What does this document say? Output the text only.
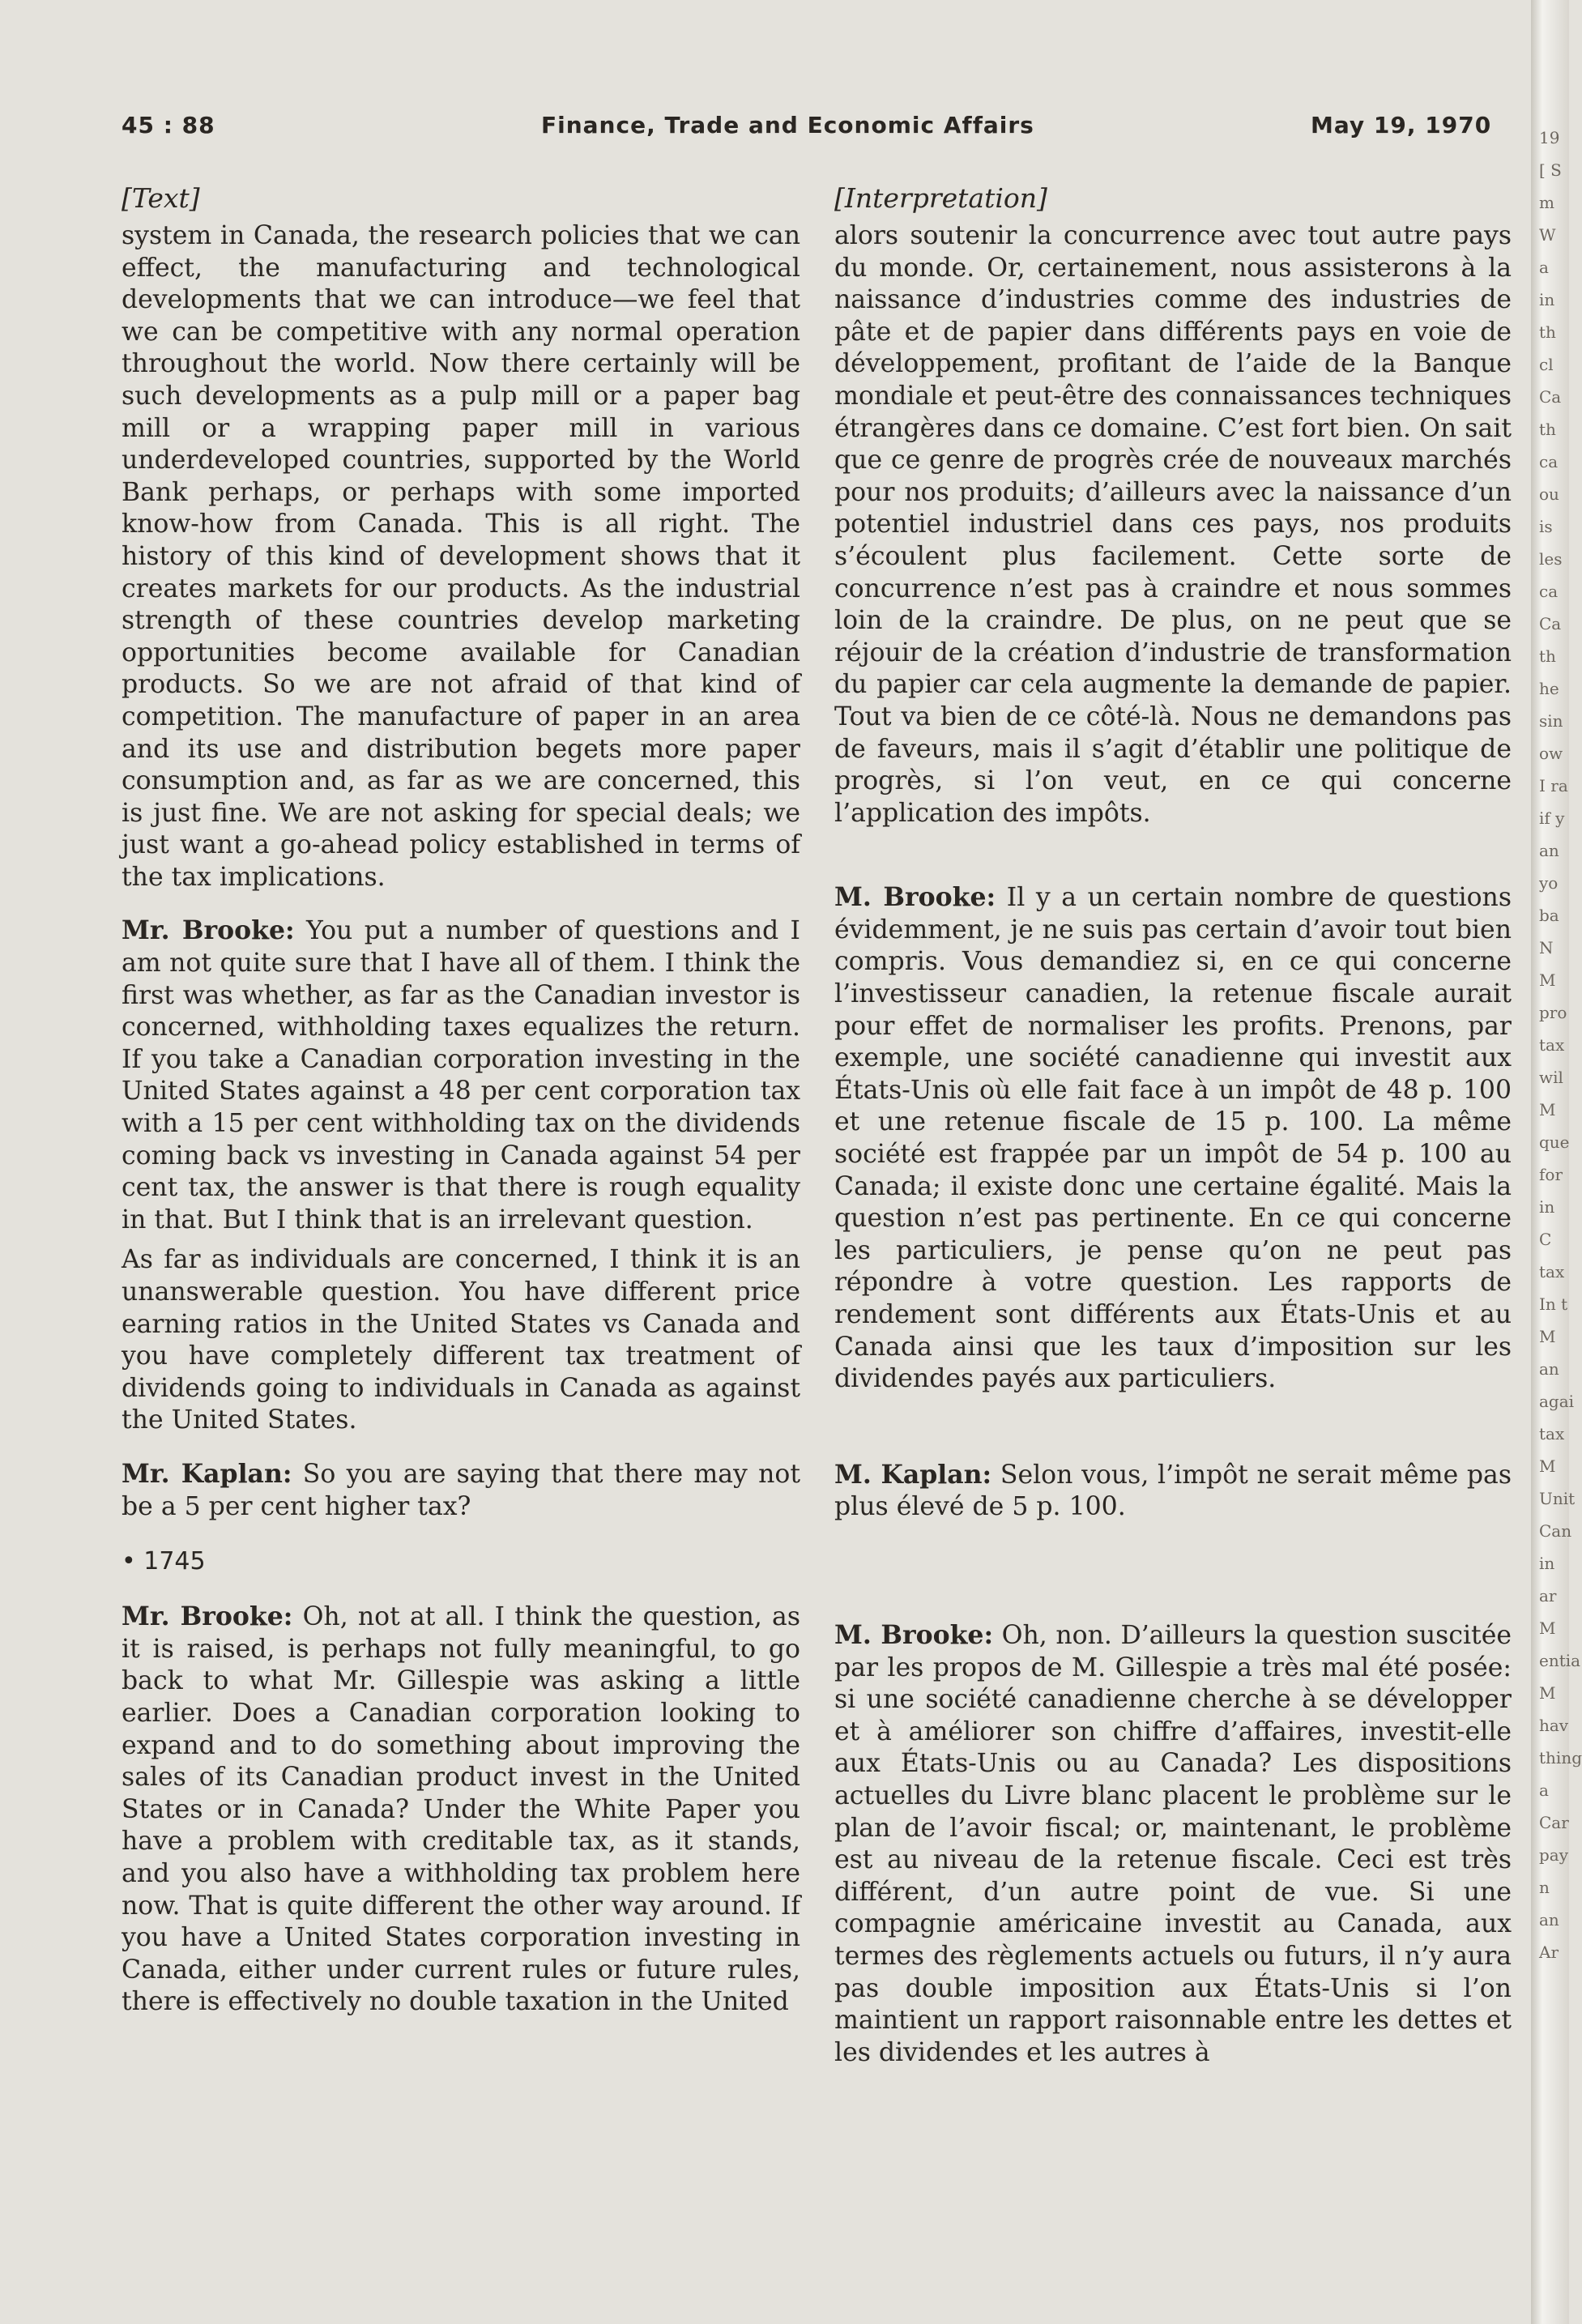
45 : 88	Finance, Trade and Economic Affairs	May 19, 1970
[Text]

system in Canada, the research policies that we can effect, the manufacturing and technological developments that we can introduce—we feel that we can be competitive with any normal operation throughout the world. Now there certainly will be such developments as a pulp mill or a paper bag mill or a wrapping paper mill in various underdeveloped countries, supported by the World Bank perhaps, or perhaps with some imported know-how from Canada. This is all right. The history of this kind of development shows that it creates markets for our products. As the industrial strength of these countries develop marketing opportunities become available for Canadian products. So we are not afraid of that kind of competition. The manufacture of paper in an area and its use and distribution begets more paper consumption and, as far as we are concerned, this is just fine. We are not asking for special deals; we just want a go-ahead policy established in terms of the tax implications.

Mr. Brooke: You put a number of questions and I am not quite sure that I have all of them. I think the first was whether, as far as the Canadian investor is concerned, withholding taxes equalizes the return. If you take a Canadian corporation investing in the United States against a 48 per cent corporation tax with a 15 per cent withholding tax on the dividends coming back vs investing in Canada against 54 per cent tax, the answer is that there is rough equality in that. But I think that is an irrelevant question.

As far as individuals are concerned, I think it is an unanswerable question. You have different price earning ratios in the United States vs Canada and you have completely different tax treatment of dividends going to individuals in Canada as against the United States.

Mr. Kaplan: So you are saying that there may not be a 5 per cent higher tax?

• 1745

Mr. Brooke: Oh, not at all. I think the question, as it is raised, is perhaps not fully meaningful, to go back to what Mr. Gillespie was asking a little earlier. Does a Canadian corporation looking to expand and to do something about improving the sales of its Canadian product invest in the United States or in Canada? Under the White Paper you have a problem with creditable tax, as it stands, and you also have a withholding tax problem here now. That is quite different the other way around. If you have a United States corporation investing in Canada, either under current rules or future rules, there is effectively no double taxation in the United

[Interpretation]

alors soutenir la concurrence avec tout autre pays du monde. Or, certainement, nous assisterons à la naissance d’industries comme des industries de pâte et de papier dans différents pays en voie de développement, profitant de l’aide de la Banque mondiale et peut-être des connaissances techniques étrangères dans ce domaine. C’est fort bien. On sait que ce genre de progrès crée de nouveaux marchés pour nos produits; d’ailleurs avec la naissance d’un potentiel industriel dans ces pays, nos produits s’écoulent plus facilement. Cette sorte de concurrence n’est pas à craindre et nous sommes loin de la craindre. De plus, on ne peut que se réjouir de la création d’industrie de transformation du papier car cela augmente la demande de papier. Tout va bien de ce côté-là. Nous ne demandons pas de faveurs, mais il s’agit d’établir une politique de progrès, si l’on veut, en ce qui concerne l’application des impôts.

M. Brooke: Il y a un certain nombre de questions évidemment, je ne suis pas certain d’avoir tout bien compris. Vous demandiez si, en ce qui concerne l’investisseur canadien, la retenue fiscale aurait pour effet de normaliser les profits. Prenons, par exemple, une société canadienne qui investit aux États-Unis où elle fait face à un impôt de 48 p. 100 et une retenue fiscale de 15 p. 100. La même société est frappée par un impôt de 54 p. 100 au Canada; il existe donc une certaine égalité. Mais la question n’est pas pertinente. En ce qui concerne les particuliers, je pense qu’on ne peut pas répondre à votre question. Les rapports de rendement sont différents aux États-Unis et au Canada ainsi que les taux d’imposition sur les dividendes payés aux particuliers.

M. Kaplan: Selon vous, l’impôt ne serait même pas plus élevé de 5 p. 100.

M. Brooke: Oh, non. D’ailleurs la question suscitée par les propos de M. Gillespie a très mal été posée: si une société canadienne cherche à se développer et à améliorer son chiffre d’affaires, investit-elle aux États-Unis ou au Canada? Les dispositions actuelles du Livre blanc placent le problème sur le plan de l’avoir fiscal; or, maintenant, le problème est au niveau de la retenue fiscale. Ceci est très différent, d’un autre point de vue. Si une compagnie américaine investit au Canada, aux termes des règlements actuels ou futurs, il n’y aura pas double imposition aux États-Unis si l’on maintient un rapport raisonnable entre les dettes et les dividendes et les autres à

19 [ S m W a in th cl Ca th ca ou is les ca Ca th he sin ow I ra if y an yo ba N M pro tax wil M que for in C tax In t M an agai tax M Unit Can in ar M entia M hav thing a Car pay n an Ar
